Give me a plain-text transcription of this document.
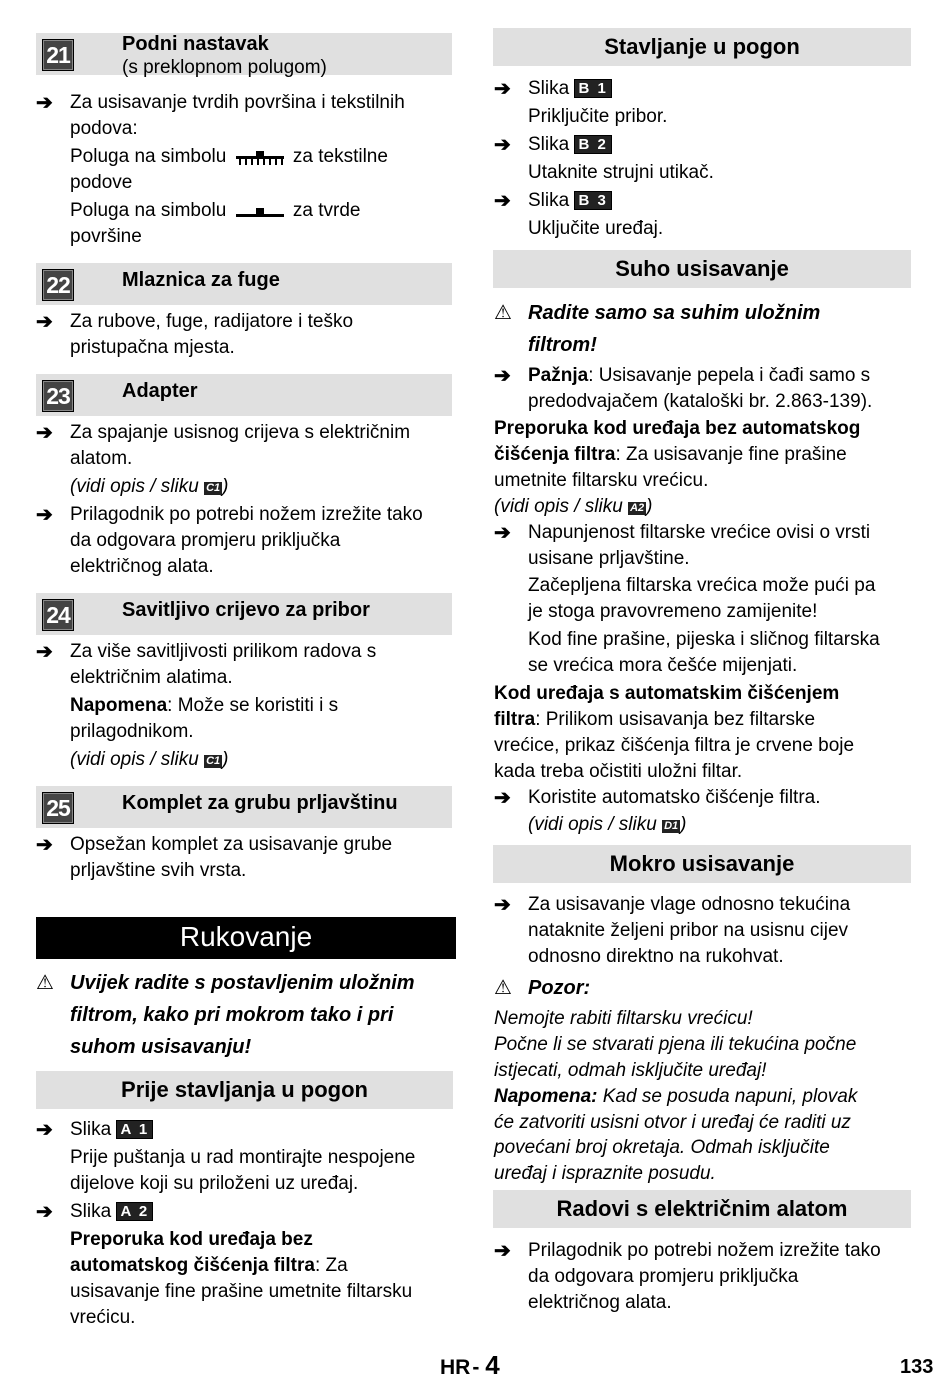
21	Podni nastavak
(s preklopnom polugom)
➔ Za usisavanje tvrdih površina i tekstilnih
podova:
Poluga na simbolu	za tekstilne
podove
Poluga na simbolu	za tvrde
površine
22	Mlaznica za fuge
➔ Za rubove, fuge, radijatore i teško
pristupačna mjesta.
23	Adapter
➔ Za spajanje usisnog crijeva s električnim
alatom.
(vidi opis / sliku C1 )
➔ Prilagodnik po potrebi nožem izrežite tako
da odgovara promjeru priključka
električnog alata.
24	Savitljivo crijevo za pribor
➔ Za više savitljivosti prilikom radova s
električnim alatima.
Napomena: Može se koristiti i s
prilagodnikom.
(vidi opis / sliku C1 )
25	Komplet za grubu prljavštinu
➔ Opsežan komplet za usisavanje grube
prljavštine svih vrsta.
Rukovanje
⚠ Uvijek radite s postavljenim uložnim
filtrom, kako pri mokrom tako i pri
suhom usisavanju!
Prije stavljanja u pogon
➔ Slika A 1
Prije puštanja u rad montirajte nespojene
dijelove koji su priloženi uz uređaj.
➔ Slika A 2
Preporuka kod uređaja bez
automatskog čišćenja filtra: Za
usisavanje fine prašine umetnite filtarsku
vrećicu.
Stavljanje u pogon
➔ Slika B 1
Priključite pribor.
➔ Slika B 2
Utaknite strujni utikač.
➔ Slika B 3
Uključite uređaj.
Suho usisavanje
⚠ Radite samo sa suhim uložnim
filtrom!
➔ Pažnja: Usisavanje pepela i čađi samo s
predodvajačem (kataloški br. 2.863-139).
Preporuka kod uređaja bez automatskog
čišćenja filtra: Za usisavanje fine prašine
umetnite filtarsku vrećicu.
(vidi opis / sliku A2 )
➔ Napunjenost filtarske vrećice ovisi o vrsti
usisane prljavštine.
Začepljena filtarska vrećica može pući pa
je stoga pravovremeno zamijenite!
Kod fine prašine, pijeska i sličnog filtarska
se vrećica mora češće mijenjati.
Kod uređaja s automatskim čišćenjem
filtra: Prilikom usisavanja bez filtarske
vrećice, prikaz čišćenja filtra je crvene boje
kada treba očistiti uložni filtar.
➔ Koristite automatsko čišćenje filtra.
(vidi opis / sliku D1 )
Mokro usisavanje
➔ Za usisavanje vlage odnosno tekućina
nataknite željeni pribor na usisnu cijev
odnosno direktno na rukohvat.
⚠ Pozor:
Nemojte rabiti filtarsku vrećicu!
Počne li se stvarati pjena ili tekućina počne
istjecati, odmah isključite uređaj!
Napomena: Kad se posuda napuni, plovak
će zatvoriti usisni otvor i uređaj će raditi uz
povećani broj okretaja. Odmah isključite
uređaj i ispraznite posudu.
Radovi s električnim alatom
➔ Prilagodnik po potrebi nožem izrežite tako
da odgovara promjeru priključka
električnog alata.
HR- 4	133
